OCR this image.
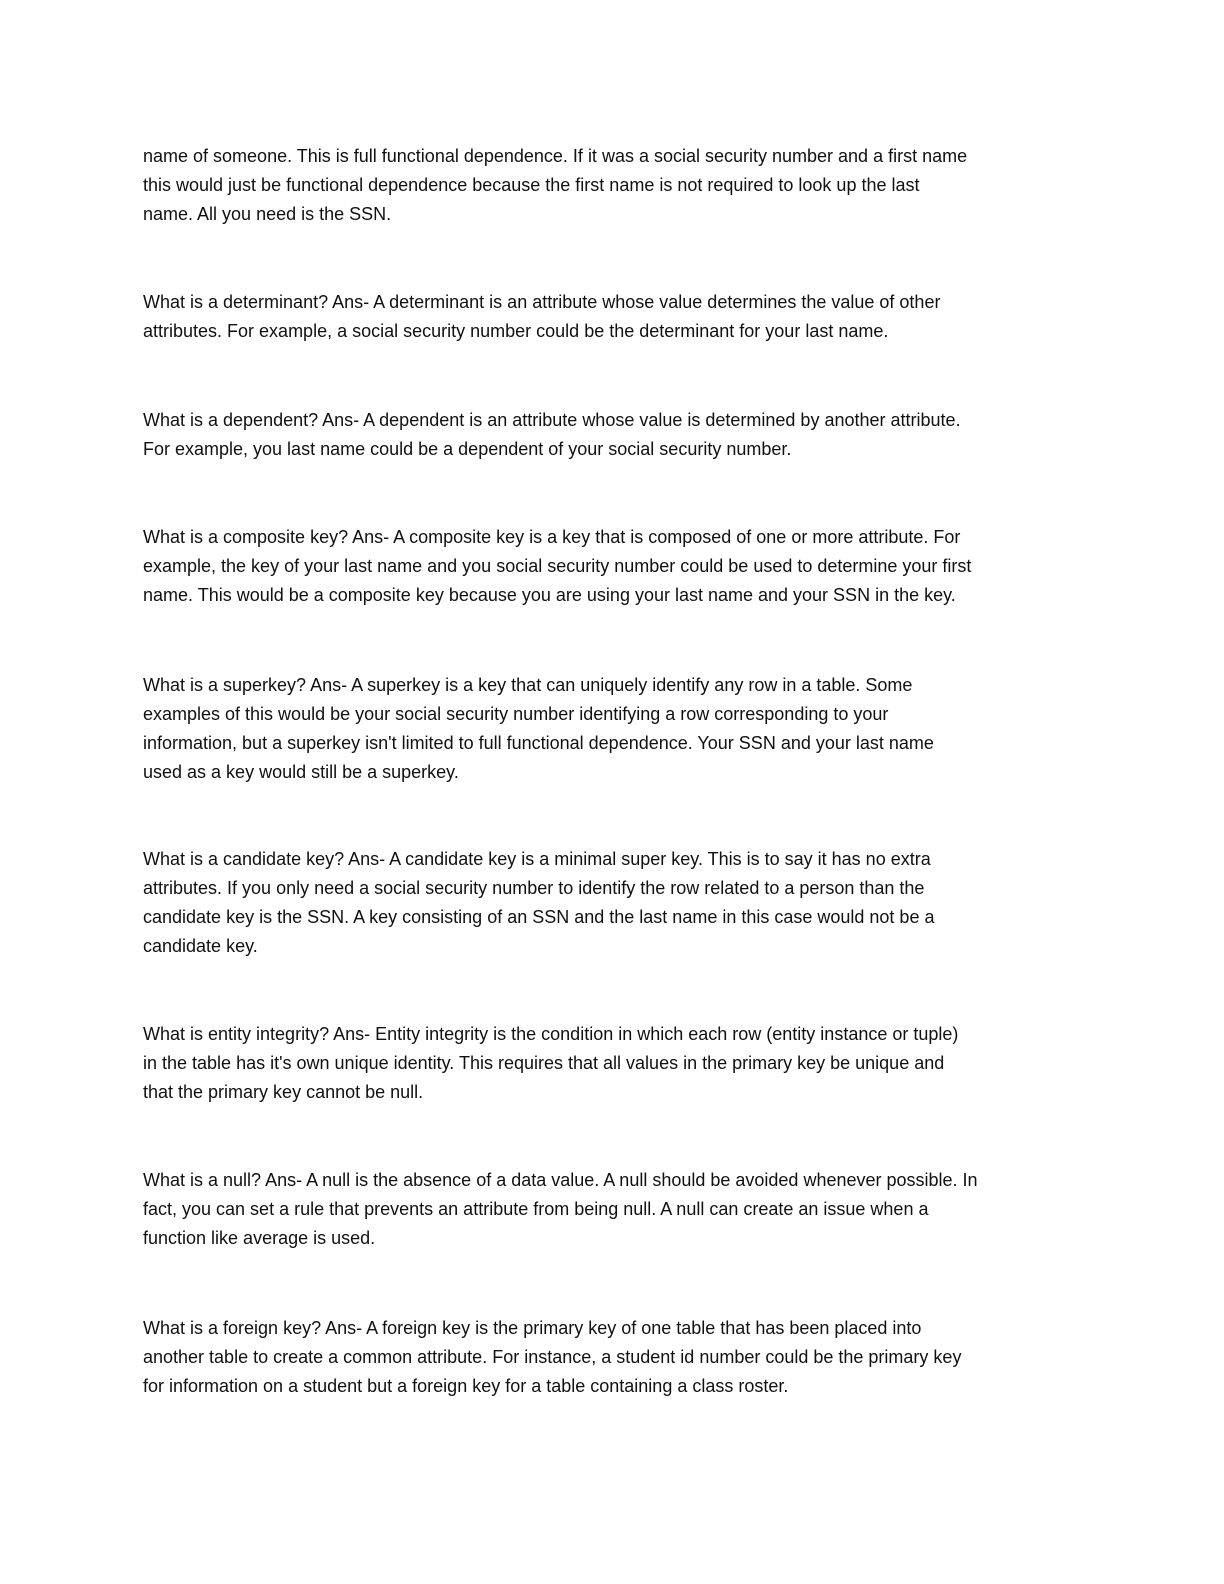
name of someone. This is full functional dependence. If it was a social security number and a first name
this would just be functional dependence because the first name is not required to look up the last
name. All you need is the SSN.

What is a determinant? Ans- A determinant is an attribute whose value determines the value of other
attributes. For example, a social security number could be the determinant for your last name.

What is a dependent? Ans- A dependent is an attribute whose value is determined by another attribute.
For example, you last name could be a dependent of your social security number.

What is a composite key? Ans- A composite key is a key that is composed of one or more attribute. For
example, the key of your last name and you social security number could be used to determine your first
name. This would be a composite key because you are using your last name and your SSN in the key.

What is a superkey? Ans- A superkey is a key that can uniquely identify any row in a table. Some
examples of this would be your social security number identifying a row corresponding to your
information, but a superkey isn't limited to full functional dependence. Your SSN and your last name
used as a key would still be a superkey.

What is a candidate key? Ans- A candidate key is a minimal super key. This is to say it has no extra
attributes. If you only need a social security number to identify the row related to a person than the
candidate key is the SSN. A key consisting of an SSN and the last name in this case would not be a
candidate key.

What is entity integrity? Ans- Entity integrity is the condition in which each row (entity instance or tuple)
in the table has it's own unique identity. This requires that all values in the primary key be unique and
that the primary key cannot be null.

What is a null? Ans- A null is the absence of a data value. A null should be avoided whenever possible. In
fact, you can set a rule that prevents an attribute from being null. A null can create an issue when a
function like average is used.

What is a foreign key? Ans- A foreign key is the primary key of one table that has been placed into
another table to create a common attribute. For instance, a student id number could be the primary key
for information on a student but a foreign key for a table containing a class roster.
